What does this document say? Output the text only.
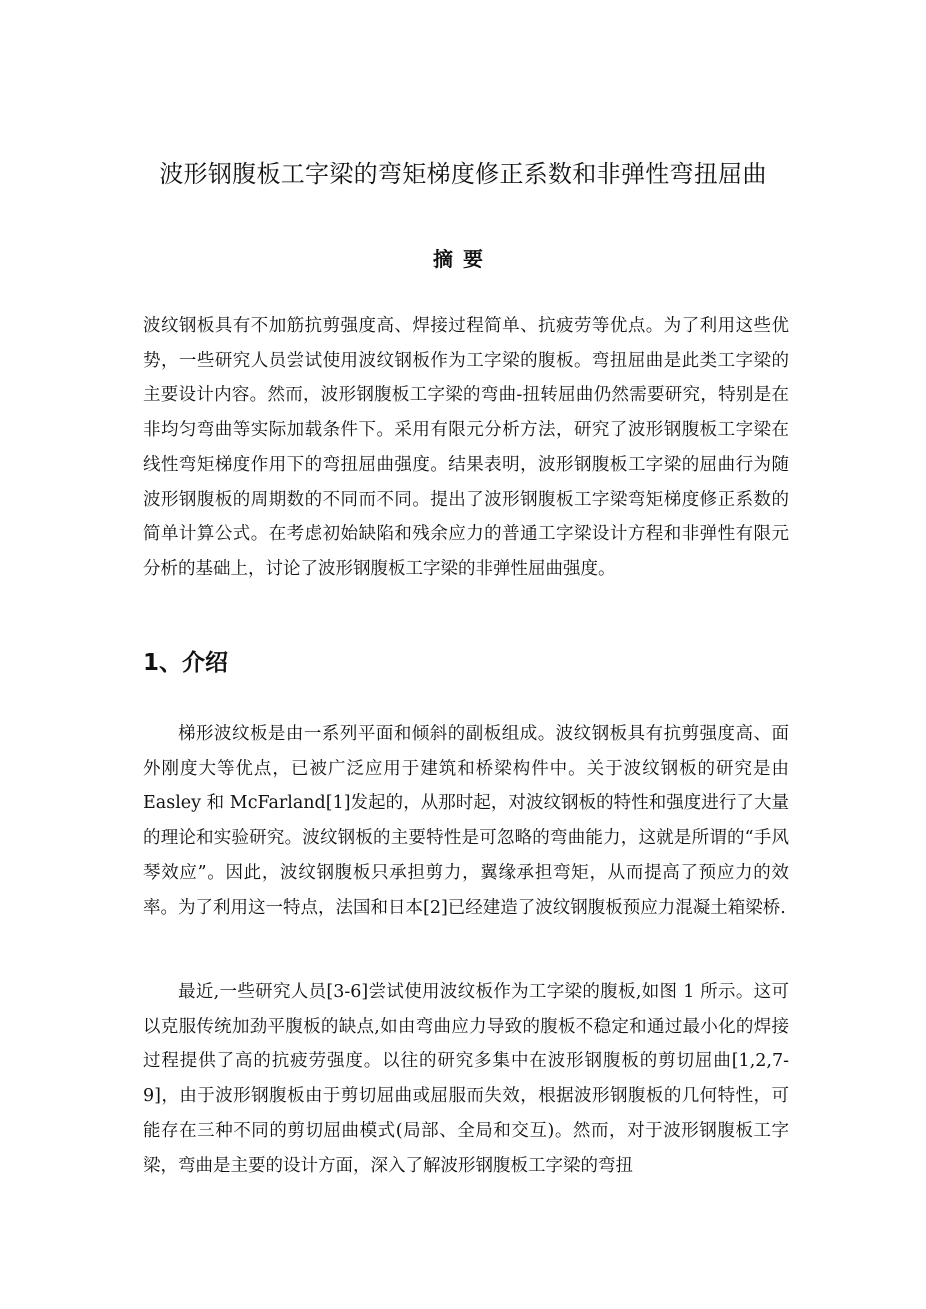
波形钢腹板工字梁的弯矩梯度修正系数和非弹性弯扭屈曲
摘要

波纹钢板具有不加筋抗剪强度高、焊接过程简单、抗疲劳等优点。为了利用这些优势，一些研究人员尝试使用波纹钢板作为工字梁的腹板。弯扭屈曲是此类工字梁的主要设计内容。然而，波形钢腹板工字梁的弯曲-扭转屈曲仍然需要研究，特别是在非均匀弯曲等实际加载条件下。采用有限元分析方法，研究了波形钢腹板工字梁在线性弯矩梯度作用下的弯扭屈曲强度。结果表明，波形钢腹板工字梁的屈曲行为随波形钢腹板的周期数的不同而不同。提出了波形钢腹板工字梁弯矩梯度修正系数的简单计算公式。在考虑初始缺陷和残余应力的普通工字梁设计方程和非弹性有限元分析的基础上，讨论了波形钢腹板工字梁的非弹性屈曲强度。

1、介绍

梯形波纹板是由一系列平面和倾斜的副板组成。波纹钢板具有抗剪强度高、面外刚度大等优点，已被广泛应用于建筑和桥梁构件中。关于波纹钢板的研究是由 Easley 和 McFarland[1]发起的，从那时起，对波纹钢板的特性和强度进行了大量的理论和实验研究。波纹钢板的主要特性是可忽略的弯曲能力，这就是所谓的“手风琴效应”。因此，波纹钢腹板只承担剪力，翼缘承担弯矩，从而提高了预应力的效率。为了利用这一特点，法国和日本[2]已经建造了波纹钢腹板预应力混凝土箱梁桥.

最近,一些研究人员[3-6]尝试使用波纹板作为工字梁的腹板,如图 1 所示。这可以克服传统加劲平腹板的缺点,如由弯曲应力导致的腹板不稳定和通过最小化的焊接过程提供了高的抗疲劳强度。以往的研究多集中在波形钢腹板的剪切屈曲[1,2,7-9]，由于波形钢腹板由于剪切屈曲或屈服而失效，根据波形钢腹板的几何特性，可能存在三种不同的剪切屈曲模式(局部、全局和交互)。然而，对于波形钢腹板工字梁，弯曲是主要的设计方面，深入了解波形钢腹板工字梁的弯扭
